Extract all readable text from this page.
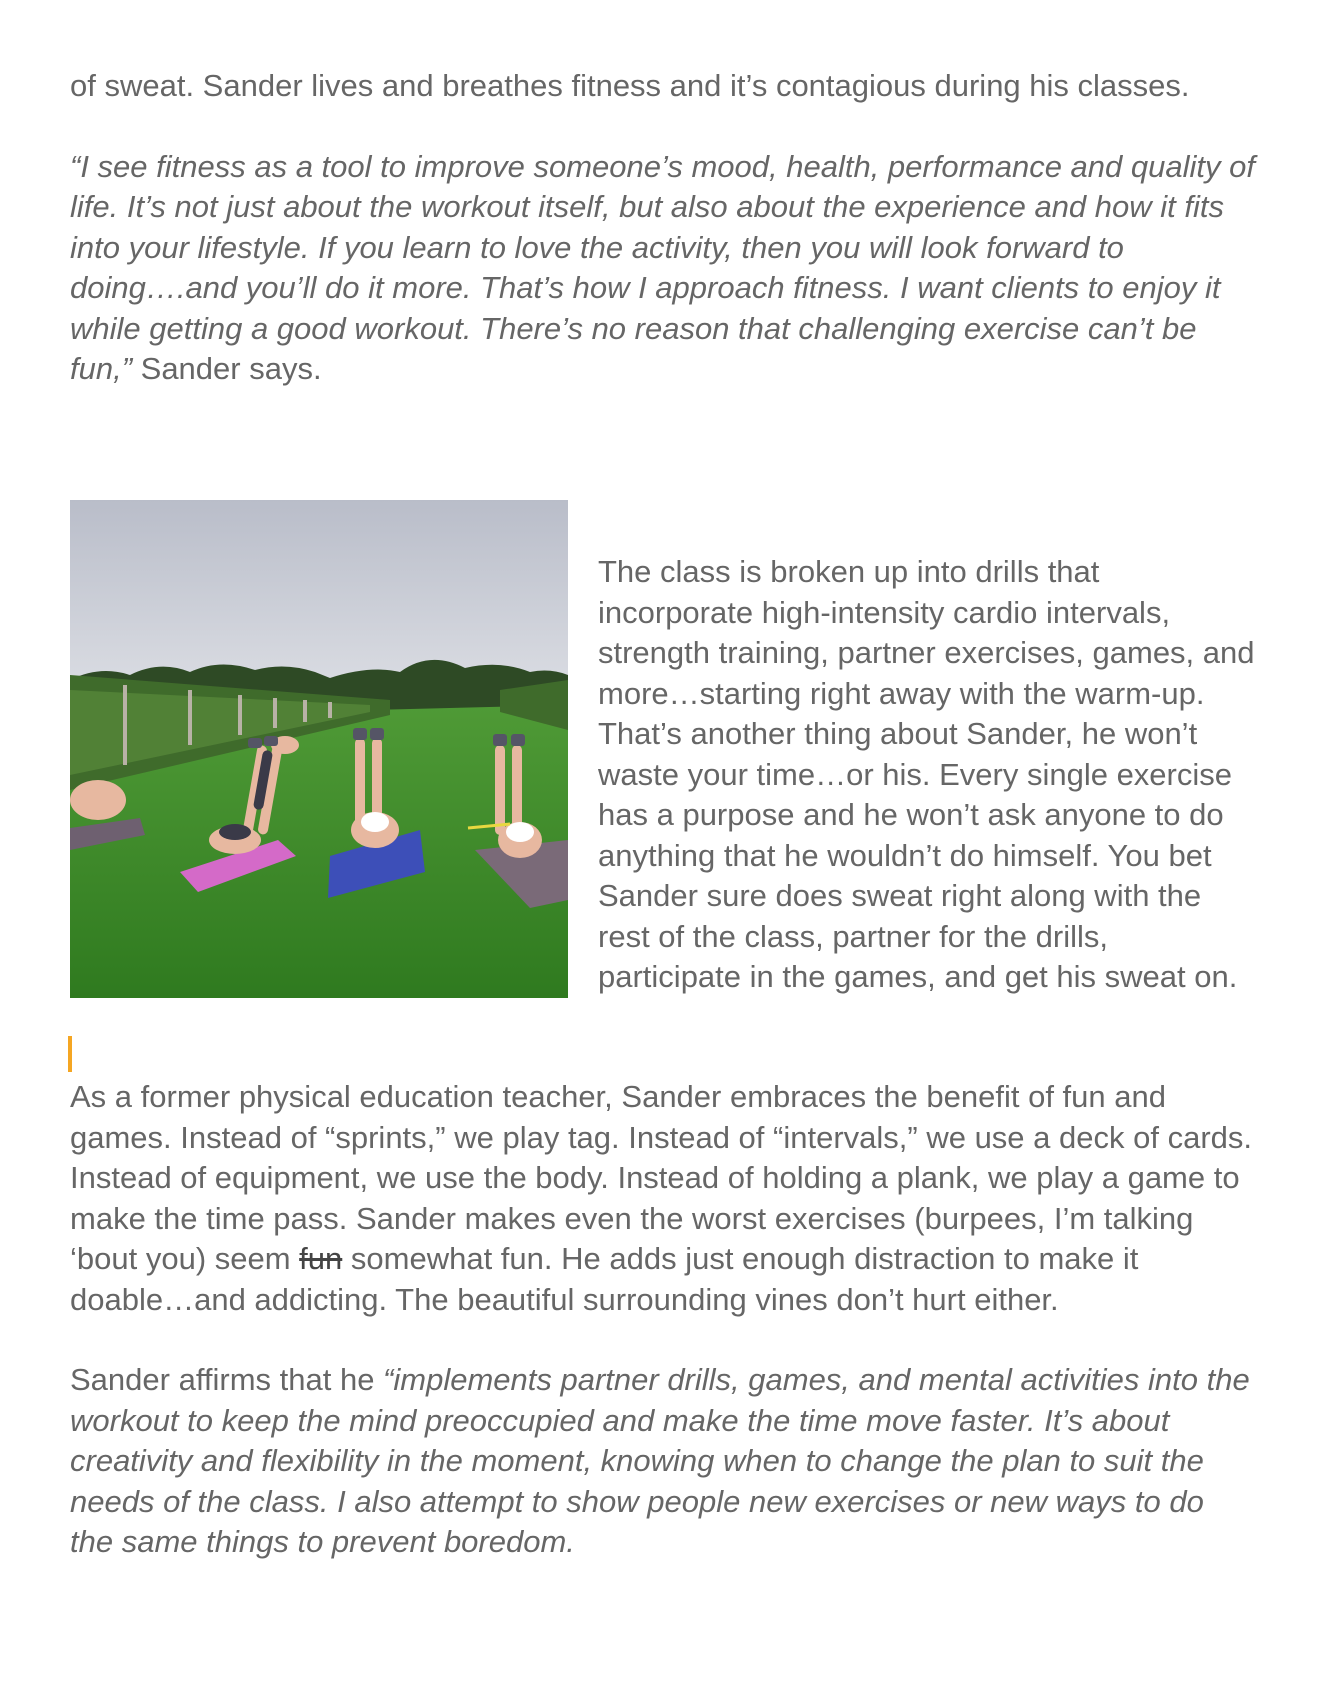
of sweat. Sander lives and breathes fitness and it’s contagious during his classes.

“I see fitness as a tool to improve someone’s mood, health, performance and quality of life. It’s not just about the workout itself, but also about the experience and how it fits into your lifestyle. If you learn to love the activity, then you will look forward to doing….and you’ll do it more. That’s how I approach fitness. I want clients to enjoy it while getting a good workout. There’s no reason that challenging exercise can’t be fun,” Sander says.

The class is broken up into drills that incorporate high-intensity cardio intervals, strength training, partner exercises, games, and more…starting right away with the warm-up. That’s another thing about Sander, he won’t waste your time…or his. Every single exercise has a purpose and he won’t ask anyone to do anything that he wouldn’t do himself. You bet Sander sure does sweat right along with the rest of the class, partner for the drills, participate in the games, and get his sweat on.

As a former physical education teacher, Sander embraces the benefit of fun and games. Instead of “sprints,” we play tag. Instead of “intervals,” we use a deck of cards. Instead of equipment, we use the body. Instead of holding a plank, we play a game to make the time pass. Sander makes even the worst exercises (burpees, I’m talking ‘bout you) seem fun somewhat fun. He adds just enough distraction to make it doable…and addicting. The beautiful surrounding vines don’t hurt either.

Sander affirms that he “implements partner drills, games, and mental activities into the workout to keep the mind preoccupied and make the time move faster. It’s about creativity and flexibility in the moment, knowing when to change the plan to suit the needs of the class. I also attempt to show people new exercises or new ways to do the same things to prevent boredom.
